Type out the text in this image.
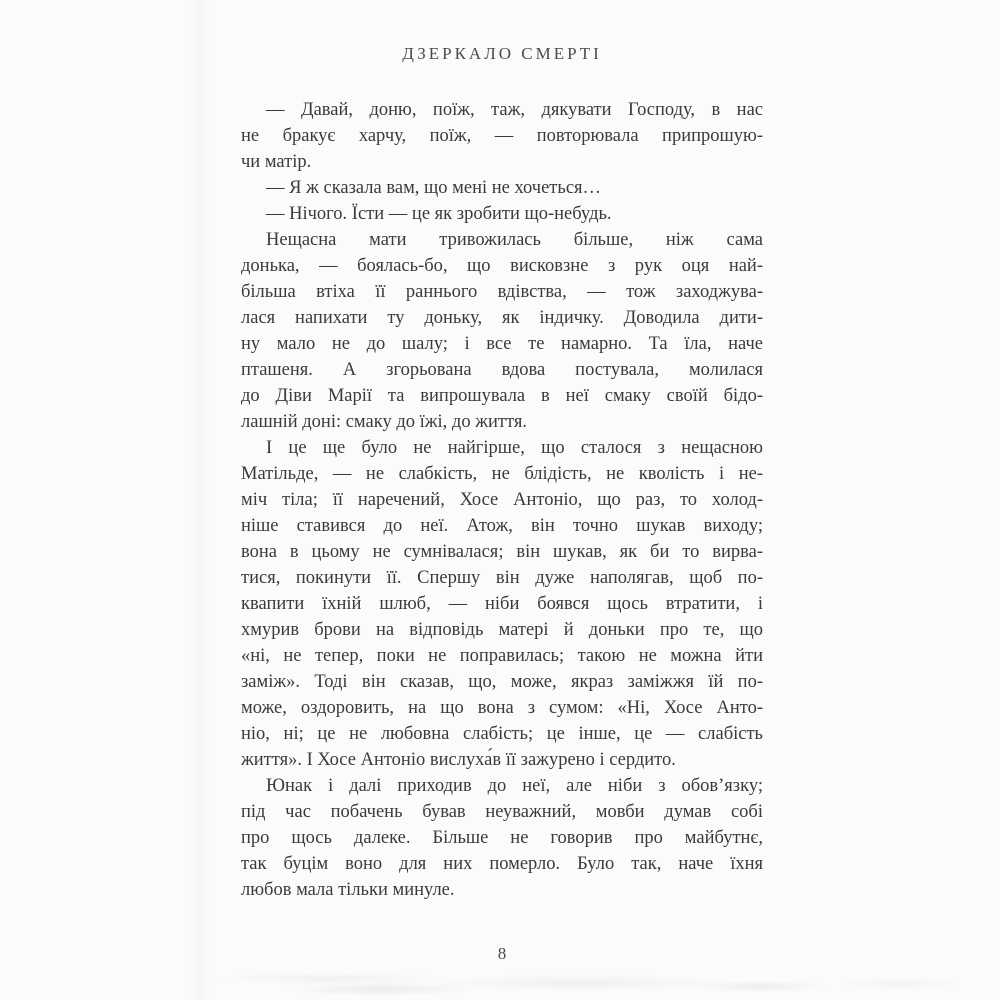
ДЗЕРКАЛО СМЕРТІ
— Давай, доню, поїж, таж, дякувати Господу, в нас
не бракує харчу, поїж, — повторювала припрошую-
чи матір.
— Я ж сказала вам, що мені не хочеться…
— Нічого. Їсти — це як зробити що-небудь.
Нещасна мати тривожилась більше, ніж сама
донька, — боялась-бо, що висковзне з рук оця най-
більша втіха її раннього вдівства, — тож заходжува-
лася напихати ту доньку, як індичку. Доводила дити-
ну мало не до шалу; і все те намарно. Та їла, наче
пташеня. А згорьована вдова постувала, молилася
до Діви Марії та випрошувала в неї смаку своїй бідо-
лашній доні: смаку до їжі, до життя.
І це ще було не найгірше, що сталося з нещасною
Матільде, — не слабкість, не блідість, не кволість і не-
міч тіла; її наречений, Хосе Антоніо, що раз, то холод-
ніше ставився до неї. Атож, він точно шукав виходу;
вона в цьому не сумнівалася; він шукав, як би то вирва-
тися, покинути її. Спершу він дуже наполягав, щоб по-
квапити їхній шлюб, — ніби боявся щось втратити, і
хмурив брови на відповідь матері й доньки про те, що
«ні, не тепер, поки не поправилась; такою не можна йти
заміж». Тоді він сказав, що, може, якраз заміжжя їй по-
може, оздоровить, на що вона з сумом: «Ні, Хосе Анто-
ніо, ні; це не любовна слабість; це інше, це — слабість
життя». І Хосе Антоніо вислуха́в її зажурено і сердито.
Юнак і далі приходив до неї, але ніби з обов’язку;
під час побачень бував неуважний, мовби думав собі
про щось далеке. Більше не говорив про майбутнє,
так буцім воно для них померло. Було так, наче їхня
любов мала тільки минуле.
8
